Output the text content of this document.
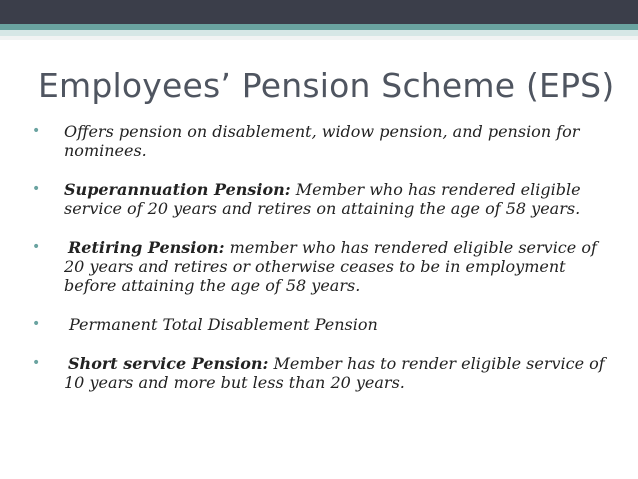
Employees’ Pension Scheme (EPS)
• Offers pension on disablement, widow pension, and pension for nominees.
• Superannuation Pension: Member who has rendered eligible service of 20 years and retires on attaining the age of 58 years.
• Retiring Pension: member who has rendered eligible service of 20 years and retires or otherwise ceases to be in employment before attaining the age of 58 years.
• Permanent Total Disablement Pension
• Short service Pension: Member has to render eligible service of 10 years and more but less than 20 years.
